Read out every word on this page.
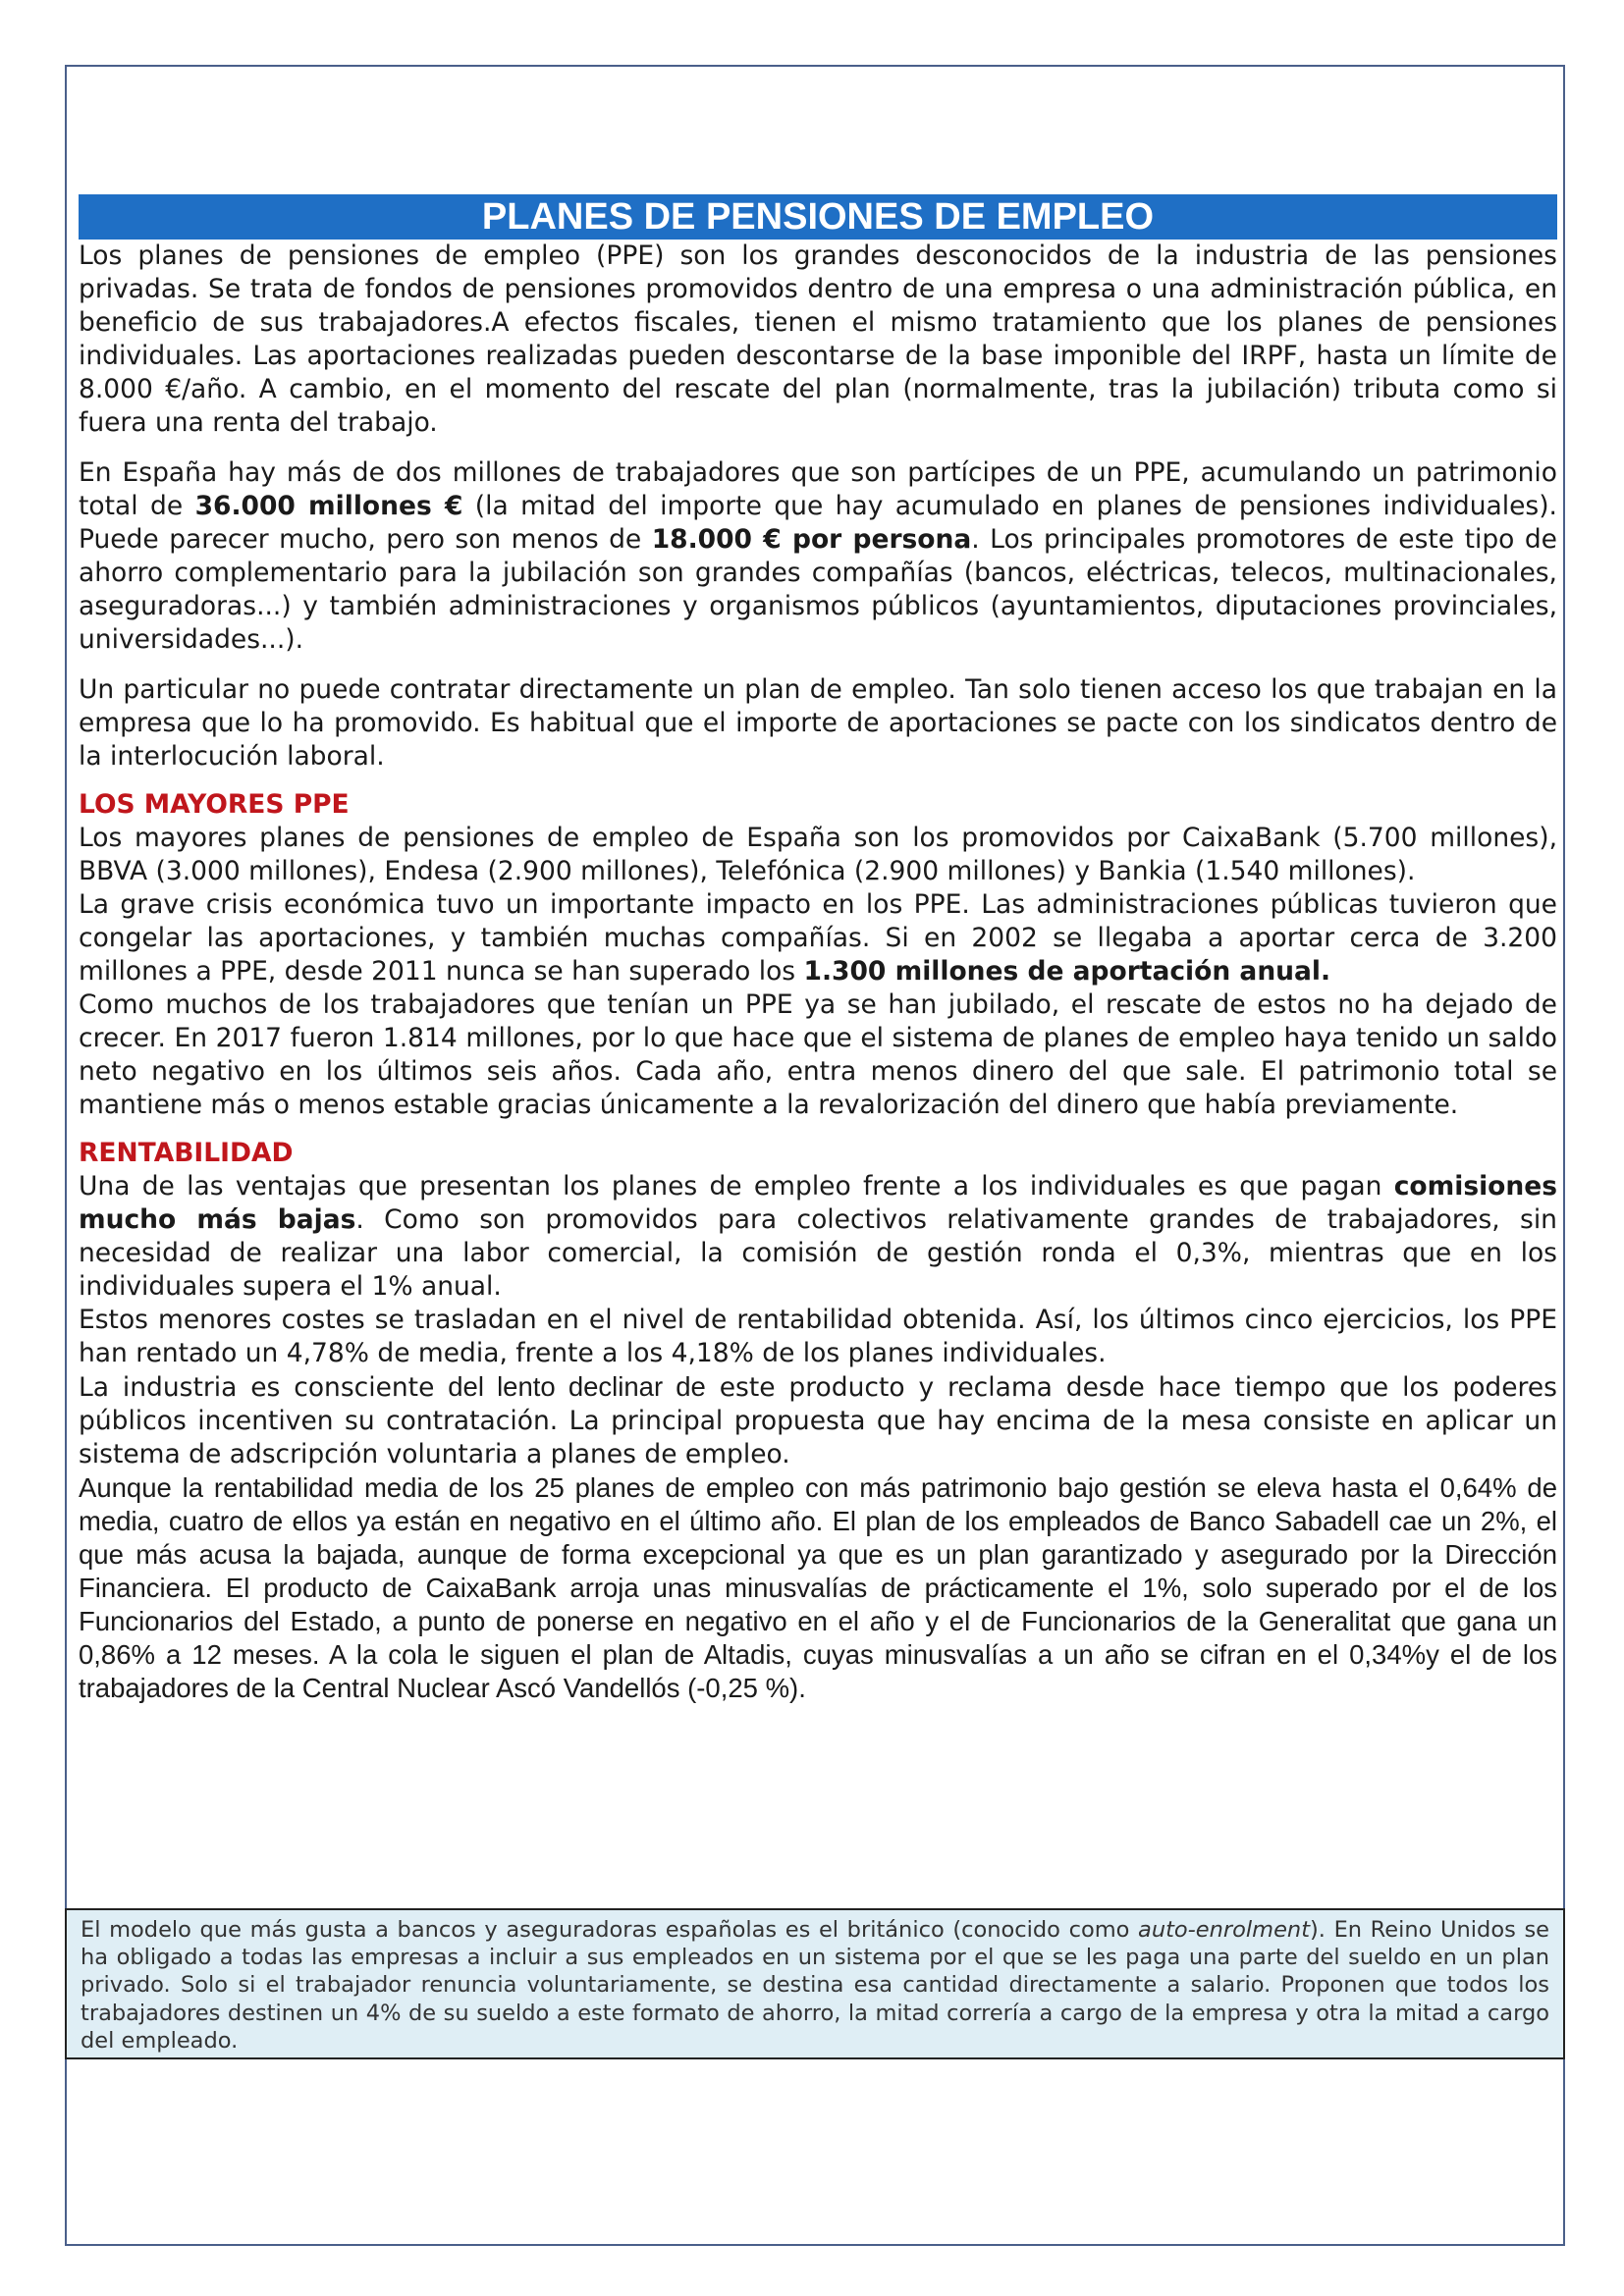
PLANES DE PENSIONES DE EMPLEO

Los planes de pensiones de empleo (PPE) son los grandes desconocidos de la industria de las pensiones privadas. Se trata de fondos de pensiones promovidos dentro de una empresa o una administración pública, en beneficio de sus trabajadores.A efectos fiscales, tienen el mismo tratamiento que los planes de pensiones individuales. Las aportaciones realizadas pueden descontarse de la base imponible del IRPF, hasta un límite de 8.000 €/año. A cambio, en el momento del rescate del plan (normalmente, tras la jubilación) tributa como si fuera una renta del trabajo.

En España hay más de dos millones de trabajadores que son partícipes de un PPE, acumulando un patrimonio total de 36.000 millones € (la mitad del importe que hay acumulado en planes de pensiones individuales). Puede parecer mucho, pero son menos de 18.000 € por persona. Los principales promotores de este tipo de ahorro complementario para la jubilación son grandes compañías (bancos, eléctricas, telecos, multinacionales, aseguradoras...) y también administraciones y organismos públicos (ayuntamientos, diputaciones provinciales, universidades...).

Un particular no puede contratar directamente un plan de empleo. Tan solo tienen acceso los que trabajan en la empresa que lo ha promovido. Es habitual que el importe de aportaciones se pacte con los sindicatos dentro de la interlocución laboral.

LOS MAYORES PPE

Los mayores planes de pensiones de empleo de España son los promovidos por CaixaBank (5.700 millones), BBVA (3.000 millones), Endesa (2.900 millones), Telefónica (2.900 millones) y Bankia (1.540 millones).

La grave crisis económica tuvo un importante impacto en los PPE. Las administraciones públicas tuvieron que congelar las aportaciones, y también muchas compañías. Si en 2002 se llegaba a aportar cerca de 3.200 millones a PPE, desde 2011 nunca se han superado los 1.300 millones de aportación anual.

Como muchos de los trabajadores que tenían un PPE ya se han jubilado, el rescate de estos no ha dejado de crecer. En 2017 fueron 1.814 millones, por lo que hace que el sistema de planes de empleo haya tenido un saldo neto negativo en los últimos seis años. Cada año, entra menos dinero del que sale. El patrimonio total se mantiene más o menos estable gracias únicamente a la revalorización del dinero que había previamente.

RENTABILIDAD

Una de las ventajas que presentan los planes de empleo frente a los individuales es que pagan comisiones mucho más bajas. Como son promovidos para colectivos relativamente grandes de trabajadores, sin necesidad de realizar una labor comercial, la comisión de gestión ronda el 0,3%, mientras que en los individuales supera el 1% anual.

Estos menores costes se trasladan en el nivel de rentabilidad obtenida. Así, los últimos cinco ejercicios, los PPE han rentado un 4,78% de media, frente a los 4,18% de los planes individuales.

La industria es consciente del lento declinar de este producto y reclama desde hace tiempo que los poderes públicos incentiven su contratación. La principal propuesta que hay encima de la mesa consiste en aplicar un sistema de adscripción voluntaria a planes de empleo.

Aunque la rentabilidad media de los 25 planes de empleo con más patrimonio bajo gestión se eleva hasta el 0,64% de media, cuatro de ellos ya están en negativo en el último año. El plan de los empleados de Banco Sabadell cae un 2%, el que más acusa la bajada, aunque de forma excepcional ya que es un plan garantizado y asegurado por la Dirección Financiera. El producto de CaixaBank arroja unas minusvalías de prácticamente el 1%, solo superado por el de los Funcionarios del Estado, a punto de ponerse en negativo en el año y el de Funcionarios de la Generalitat que gana un 0,86% a 12 meses. A la cola le siguen el plan de Altadis, cuyas minusvalías a un año se cifran en el 0,34%y el de los trabajadores de la Central Nuclear Ascó Vandellós (-0,25 %).

El modelo que más gusta a bancos y aseguradoras españolas es el británico (conocido como auto-enrolment). En Reino Unidos se ha obligado a todas las empresas a incluir a sus empleados en un sistema por el que se les paga una parte del sueldo en un plan privado. Solo si el trabajador renuncia voluntariamente, se destina esa cantidad directamente a salario. Proponen que todos los trabajadores destinen un 4% de su sueldo a este formato de ahorro, la mitad correría a cargo de la empresa y otra la mitad a cargo del empleado.
